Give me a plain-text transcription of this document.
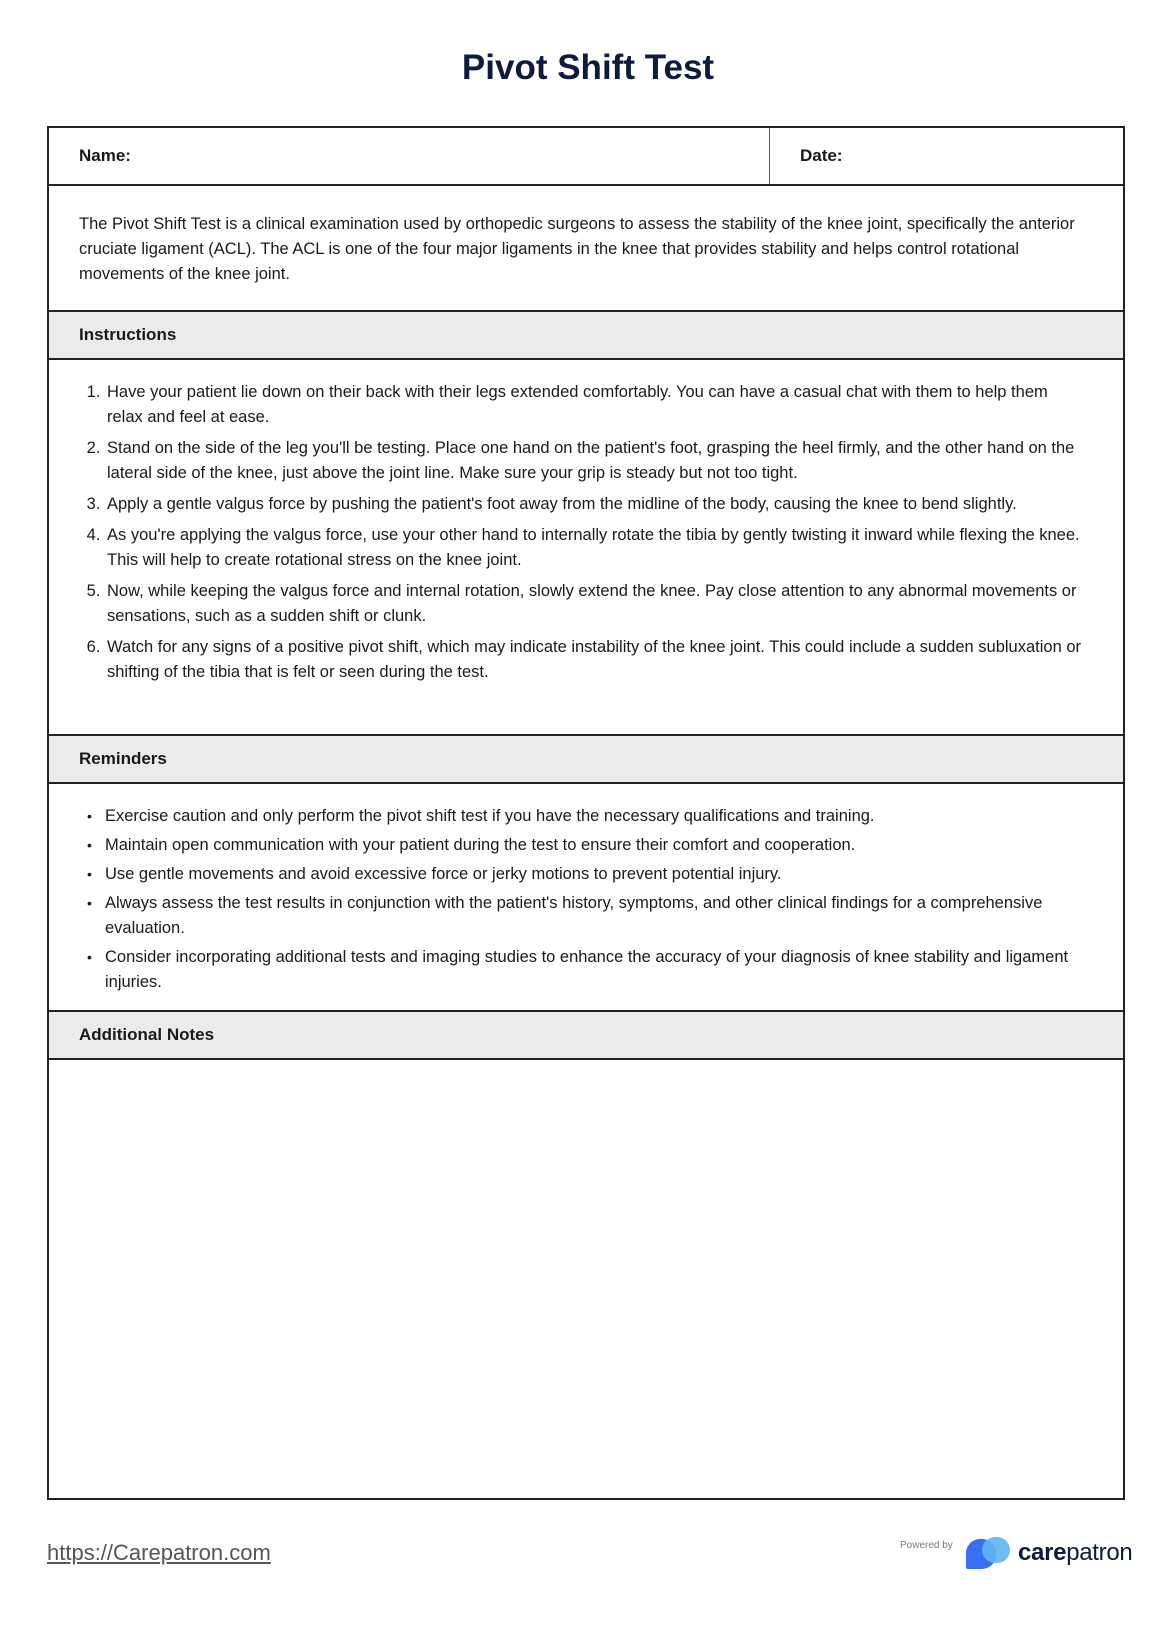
Pivot Shift Test
Name:	Date:
The Pivot Shift Test is a clinical examination used by orthopedic surgeons to assess the stability of the knee joint, specifically the anterior cruciate ligament (ACL). The ACL is one of the four major ligaments in the knee that provides stability and helps control rotational movements of the knee joint.
Instructions
1. Have your patient lie down on their back with their legs extended comfortably. You can have a casual chat with them to help them relax and feel at ease.
2. Stand on the side of the leg you'll be testing. Place one hand on the patient's foot, grasping the heel firmly, and the other hand on the lateral side of the knee, just above the joint line. Make sure your grip is steady but not too tight.
3. Apply a gentle valgus force by pushing the patient's foot away from the midline of the body, causing the knee to bend slightly.
4. As you're applying the valgus force, use your other hand to internally rotate the tibia by gently twisting it inward while flexing the knee. This will help to create rotational stress on the knee joint.
5. Now, while keeping the valgus force and internal rotation, slowly extend the knee. Pay close attention to any abnormal movements or sensations, such as a sudden shift or clunk.
6. Watch for any signs of a positive pivot shift, which may indicate instability of the knee joint. This could include a sudden subluxation or shifting of the tibia that is felt or seen during the test.
Reminders
• Exercise caution and only perform the pivot shift test if you have the necessary qualifications and training.
• Maintain open communication with your patient during the test to ensure their comfort and cooperation.
• Use gentle movements and avoid excessive force or jerky motions to prevent potential injury.
• Always assess the test results in conjunction with the patient's history, symptoms, and other clinical findings for a comprehensive evaluation.
• Consider incorporating additional tests and imaging studies to enhance the accuracy of your diagnosis of knee stability and ligament injuries.
Additional Notes
https://Carepatron.com	Powered by	carepatron
